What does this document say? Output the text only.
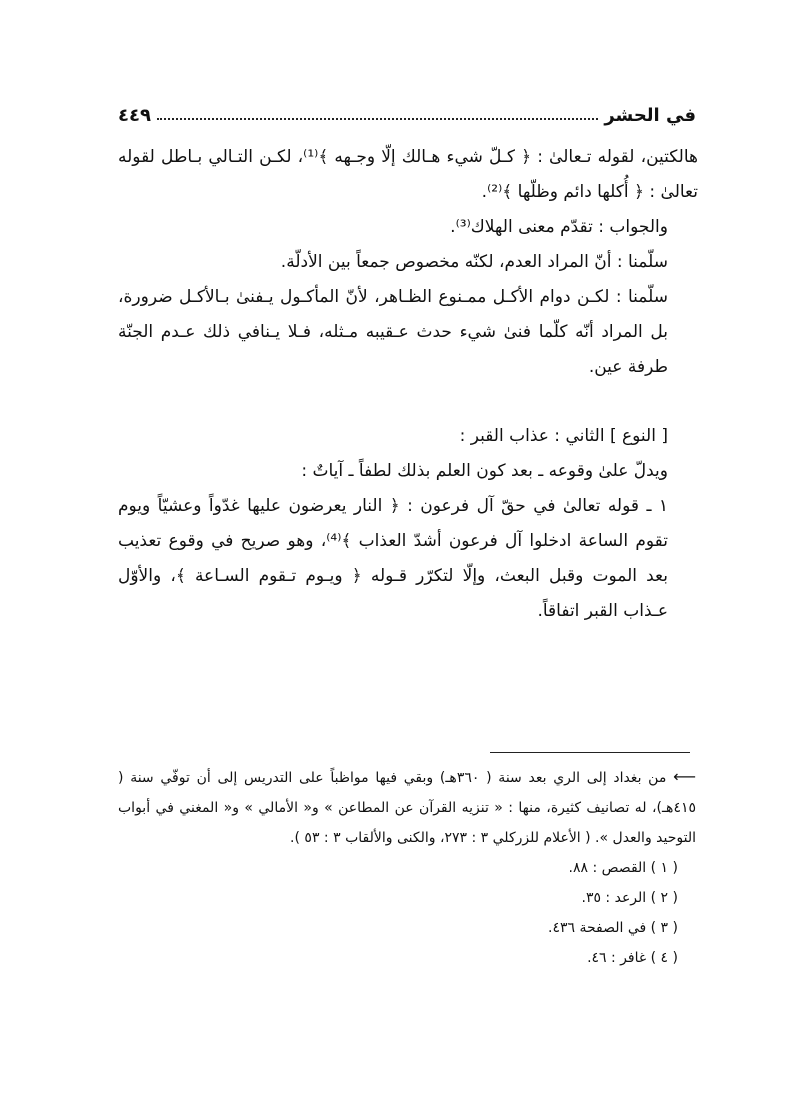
في الحشر
٤٤٩

هالكتين، لقوله تـعالىٰ : ﴿ كـلّ شيء هـالك إلّا وجـهه ﴾⁽¹⁾، لكـن التـالي بـاطل لقوله تعالىٰ : ﴿ أُكلها دائم وظلّها ﴾⁽²⁾.

والجواب : تقدّم معنى الهلاك⁽³⁾.

سلّمنا : أنّ المراد العدم، لكنّه مخصوص جمعاً بين الأدلّة.

سلّمنا : لكـن دوام الأكـل ممـنوع الظـاهر، لأنّ المأكـول يـفنىٰ بـالأكـل ضرورة، بل المراد أنّه كلّما فنىٰ شيء حدث عـقيبه مـثله، فـلا يـنافي ذلك عـدم الجنّة طرفة عين.

[ النوع ] الثاني : عذاب القبر :

ويدلّ علىٰ وقوعه ـ بعد كون العلم بذلك لطفاً ـ آياتٌ :

١ ـ قوله تعالىٰ في حقّ آل فرعون : ﴿ النار يعرضون عليها غدّواً وعشيّاً ويوم تقوم الساعة ادخلوا آل فرعون أشدّ العذاب ﴾⁽⁴⁾، وهو صريح في وقوع تعذيب بعد الموت وقبل البعث، وإلّا لتكرّر قـوله ﴿ ويـوم تـقوم السـاعة ﴾، والأوّل عـذاب القبر اتفاقاً.

⟵ من بغداد إلى الري بعد سنة ( ٣٦٠هـ) وبقي فيها مواظباً على التدريس إلى أن توفّي سنة ( ٤١٥هـ)، له تصانيف كثيرة، منها : « تنزيه القرآن عن المطاعن » و« الأمالي » و« المغني في أبواب التوحيد والعدل ». ( الأعلام للزركلي ٣ : ٢٧٣، والكنى والألقاب ٣ : ٥٣ ).

( ١ ) القصص : ٨٨.

( ٢ ) الرعد : ٣٥.

( ٣ ) في الصفحة ٤٣٦.

( ٤ ) غافر : ٤٦.
